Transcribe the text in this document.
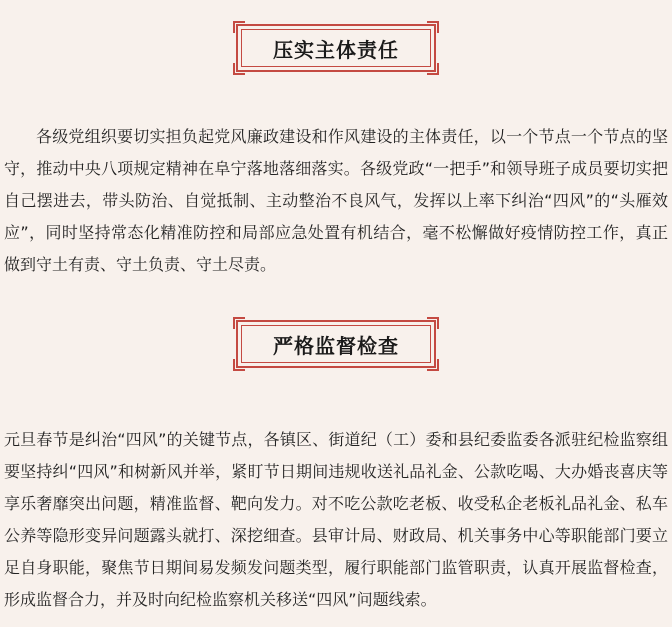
压实主体责任
各级党组织要切实担负起党风廉政建设和作风建设的主体责任，以一个节点一个节点的坚守，推动中央八项规定精神在阜宁落地落细落实。各级党政“一把手”和领导班子成员要切实把自己摆进去，带头防治、自觉抵制、主动整治不良风气，发挥以上率下纠治“四风”的“头雁效应”，同时坚持常态化精准防控和局部应急处置有机结合，毫不松懈做好疫情防控工作，真正做到守土有责、守土负责、守土尽责。
严格监督检查
元旦春节是纠治“四风”的关键节点，各镇区、街道纪（工）委和县纪委监委各派驻纪检监察组要坚持纠“四风”和树新风并举，紧盯节日期间违规收送礼品礼金、公款吃喝、大办婚丧喜庆等享乐奢靡突出问题，精准监督、靶向发力。对不吃公款吃老板、收受私企老板礼品礼金、私车公养等隐形变异问题露头就打、深挖细查。县审计局、财政局、机关事务中心等职能部门要立足自身职能，聚焦节日期间易发频发问题类型，履行职能部门监管职责，认真开展监督检查，形成监督合力，并及时向纪检监察机关移送“四风”问题线索。
